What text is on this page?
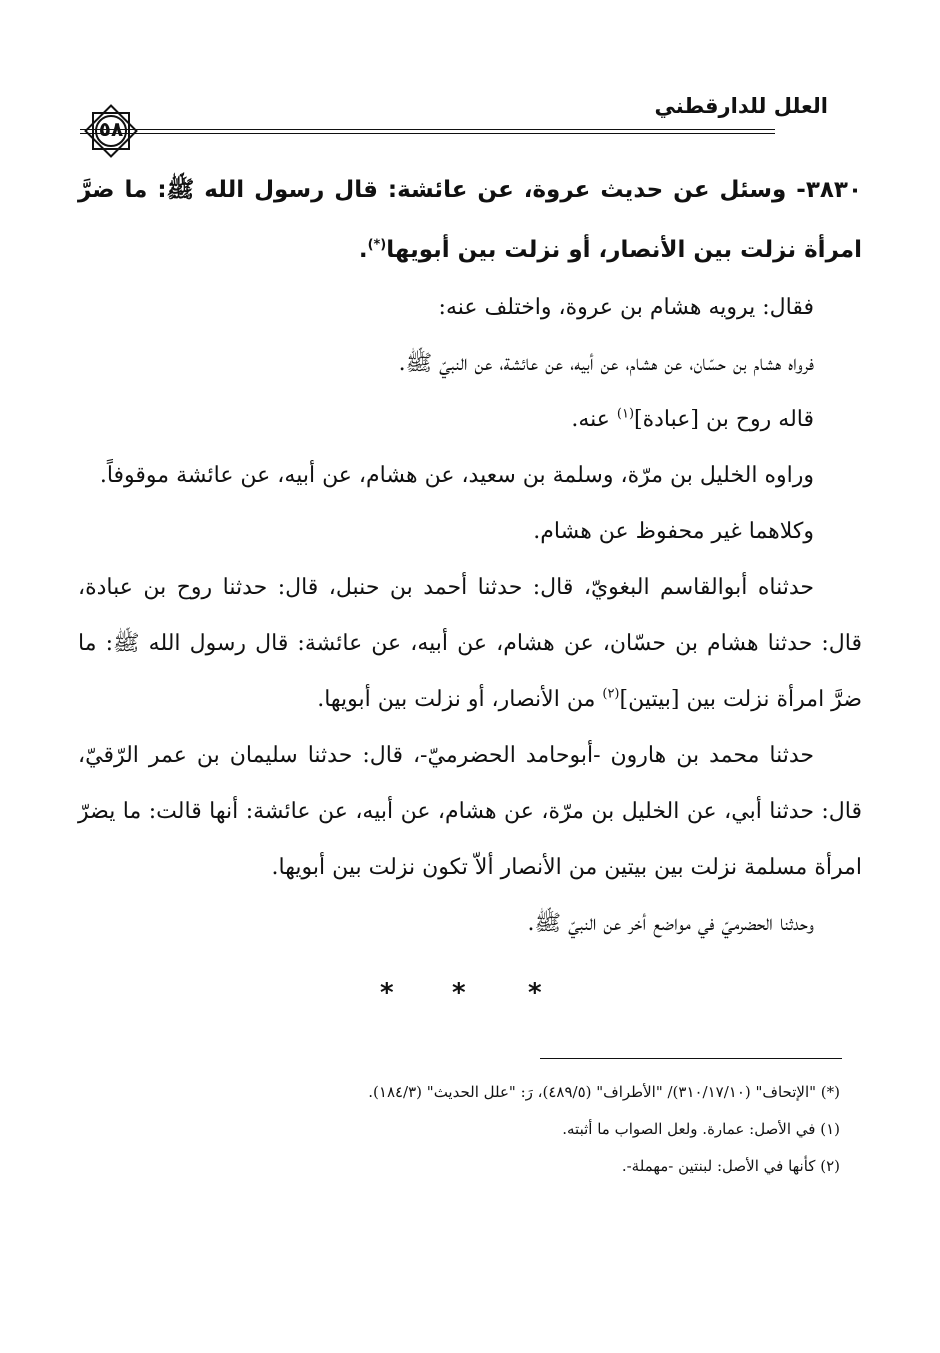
٥٨
العلل للدارقطني

٣٨٣٠- وسئل عن حديث عروة، عن عائشة: قال رسول الله ﷺ: ما ضرَّ امرأة نزلت بين الأنصار، أو نزلت بين أبويها(*).

فقال: يرويه هشام بن عروة، واختلف عنه:

فرواه هشام بن حسّان، عن هشام، عن أبيه، عن عائشة، عن النبيّ ﷺ.

قاله روح بن [عبادة]$^{(١)}$ عنه.

وراوه الخليل بن مرّة، وسلمة بن سعيد، عن هشام، عن أبيه، عن عائشة موقوفاً.

وكلاهما غير محفوظ عن هشام.

حدثناه أبوالقاسم البغويّ، قال: حدثنا أحمد بن حنبل، قال: حدثنا روح بن عبادة، قال: حدثنا هشام بن حسّان، عن هشام، عن أبيه، عن عائشة: قال رسول الله ﷺ: ما ضرَّ امرأة نزلت بين [بيتين]$^{(٢)}$ من الأنصار، أو نزلت بين أبويها.

حدثنا محمد بن هارون -أبوحامد الحضرميّ-، قال: حدثنا سليمان بن عمر الرّقيّ، قال: حدثنا أبي، عن الخليل بن مرّة، عن هشام، عن أبيه، عن عائشة: أنها قالت: ما يضرّ امرأة مسلمة نزلت بين بيتين من الأنصار ألاّ تكون نزلت بين أبويها.

وحدثنا الحضرميّ في مواضع أخر عن النبيّ ﷺ.

* * *

(*) "الإتحاف" (٣١٠/١٧/١٠)/ "الأطراف" (٤٨٩/٥)، رَ: "علل الحديث" (١٨٤/٣).

(١) في الأصل: عمارة. ولعل الصواب ما أثبته.

(٢) كأنها في الأصل: لبنتين -مهملة-.
